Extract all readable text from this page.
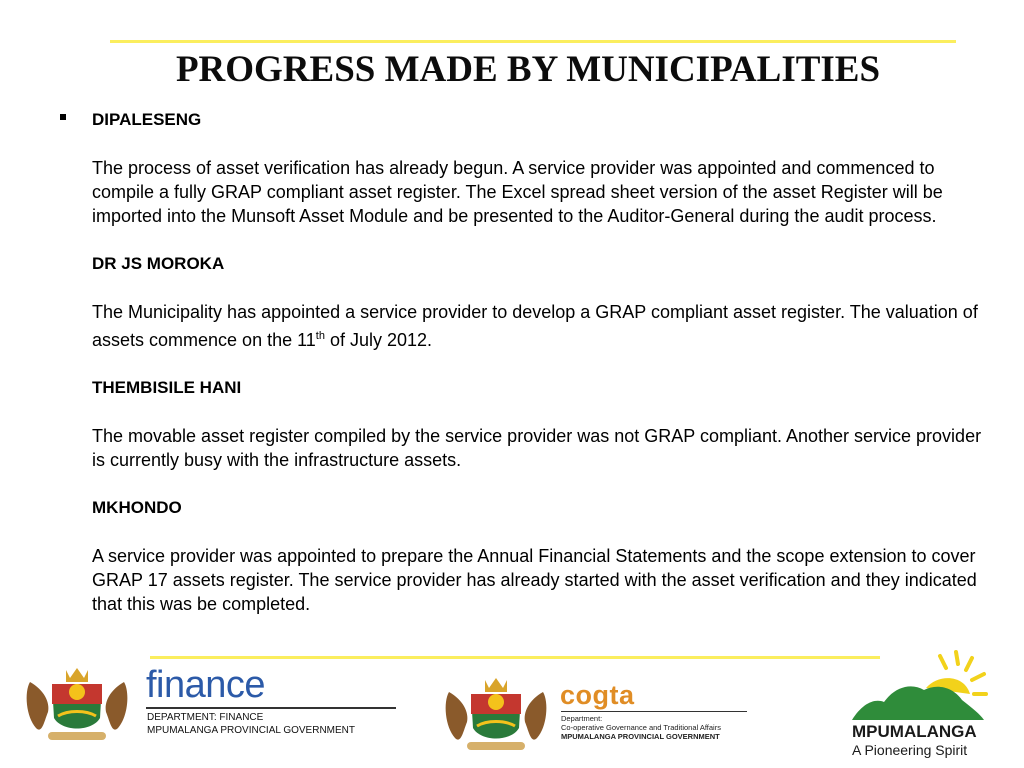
PROGRESS MADE BY MUNICIPALITIES
DIPALESENG

The process of asset verification has already begun. A service provider was appointed and commenced to compile a fully GRAP compliant asset register. The Excel spread sheet version of the asset Register will be imported into the Munsoft Asset Module and be presented to the Auditor-General during the audit process.

DR JS MOROKA

The Municipality has appointed a service provider to develop a GRAP compliant asset register. The valuation of assets commence on the 11th of July 2012.

THEMBISILE HANI

The movable asset register compiled by the service provider was not GRAP compliant. Another service provider is currently busy with the infrastructure assets.

MKHONDO

A service provider was appointed to prepare the Annual Financial Statements and the scope extension to cover GRAP 17 assets register. The service provider has already started with the asset verification and they indicated that this was be completed.

finance
DEPARTMENT: FINANCE
MPUMALANGA PROVINCIAL GOVERNMENT
cogta
Department:
Co-operative Governance and Traditional Affairs
MPUMALANGA PROVINCIAL GOVERNMENT	MPUMALANGA
A Pioneering Spirit
